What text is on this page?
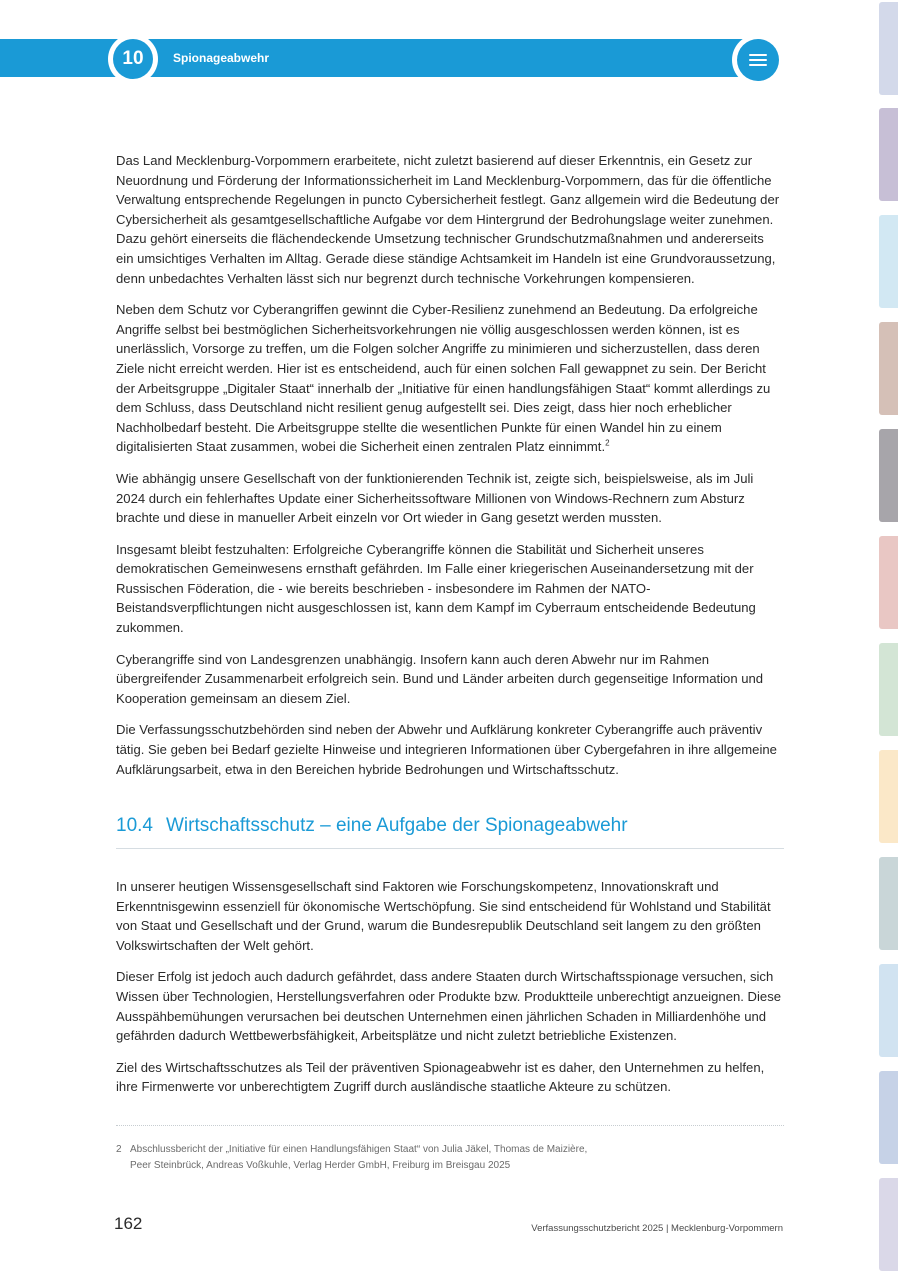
10	Spionageabwehr

Das Land Mecklenburg-Vorpommern erarbeitete, nicht zuletzt basierend auf dieser Erkenntnis, ein Gesetz zur Neuordnung und Förderung der Informationssicherheit im Land Mecklenburg-Vorpommern, das für die öffentliche Verwaltung entsprechende Regelungen in puncto Cybersicherheit festlegt. Ganz allgemein wird die Bedeutung der Cybersicherheit als gesamtgesellschaftliche Aufgabe vor dem Hintergrund der Bedrohungslage weiter zunehmen. Dazu gehört einerseits die flächendeckende Umsetzung technischer Grundschutzmaßnahmen und andererseits ein umsichtiges Verhalten im Alltag. Gerade diese ständige Achtsamkeit im Handeln ist eine Grundvoraussetzung, denn unbedachtes Verhalten lässt sich nur begrenzt durch technische Vorkehrungen kompensieren.

Neben dem Schutz vor Cyberangriffen gewinnt die Cyber-Resilienz zunehmend an Bedeutung. Da erfolgreiche Angriffe selbst bei bestmöglichen Sicherheitsvorkehrungen nie völlig ausgeschlossen werden können, ist es unerlässlich, Vorsorge zu treffen, um die Folgen solcher Angriffe zu minimieren und sicherzustellen, dass deren Ziele nicht erreicht werden. Hier ist es entscheidend, auch für einen solchen Fall gewappnet zu sein. Der Bericht der Arbeitsgruppe „Digitaler Staat“ innerhalb der „Initiative für einen handlungsfähigen Staat“ kommt allerdings zu dem Schluss, dass Deutschland nicht resilient genug aufgestellt sei. Dies zeigt, dass hier noch erheblicher Nachholbedarf besteht. Die Arbeitsgruppe stellte die wesentlichen Punkte für einen Wandel hin zu einem digitalisierten Staat zusammen, wobei die Sicherheit einen zentralen Platz einnimmt.$^2$

Wie abhängig unsere Gesellschaft von der funktionierenden Technik ist, zeigte sich, beispielsweise, als im Juli 2024 durch ein fehlerhaftes Update einer Sicherheitssoftware Millionen von Windows-Rechnern zum Absturz brachte und diese in manueller Arbeit einzeln vor Ort wieder in Gang gesetzt werden mussten.

Insgesamt bleibt festzuhalten: Erfolgreiche Cyberangriffe können die Stabilität und Sicherheit unseres demokratischen Gemeinwesens ernsthaft gefährden. Im Falle einer kriegerischen Auseinandersetzung mit der Russischen Föderation, die - wie bereits beschrieben - insbesondere im Rahmen der NATO-Beistandsverpflichtungen nicht ausgeschlossen ist, kann dem Kampf im Cyberraum entscheidende Bedeutung zukommen.

Cyberangriffe sind von Landesgrenzen unabhängig. Insofern kann auch deren Abwehr nur im Rahmen übergreifender Zusammenarbeit erfolgreich sein. Bund und Länder arbeiten durch gegenseitige Information und Kooperation gemeinsam an diesem Ziel.

Die Verfassungsschutzbehörden sind neben der Abwehr und Aufklärung konkreter Cyberangriffe auch präventiv tätig. Sie geben bei Bedarf gezielte Hinweise und integrieren Informationen über Cybergefahren in ihre allgemeine Aufklärungsarbeit, etwa in den Bereichen hybride Bedrohungen und Wirtschaftsschutz.

10.4 Wirtschaftsschutz – eine Aufgabe der Spionageabwehr

In unserer heutigen Wissensgesellschaft sind Faktoren wie Forschungskompetenz, Innovationskraft und Erkenntnisgewinn essenziell für ökonomische Wertschöpfung. Sie sind entscheidend für Wohlstand und Stabilität von Staat und Gesellschaft und der Grund, warum die Bundesrepublik Deutschland seit langem zu den größten Volkswirtschaften der Welt gehört.

Dieser Erfolg ist jedoch auch dadurch gefährdet, dass andere Staaten durch Wirtschaftsspionage versuchen, sich Wissen über Technologien, Herstellungsverfahren oder Produkte bzw. Produktteile unberechtigt anzueignen. Diese Ausspähbemühungen verursachen bei deutschen Unternehmen einen jährlichen Schaden in Milliardenhöhe und gefährden dadurch Wettbewerbsfähigkeit, Arbeitsplätze und nicht zuletzt betriebliche Existenzen.

Ziel des Wirtschaftsschutzes als Teil der präventiven Spionageabwehr ist es daher, den Unternehmen zu helfen, ihre Firmenwerte vor unberechtigtem Zugriff durch ausländische staatliche Akteure zu schützen.

2 Abschlussbericht der „Initiative für einen Handlungsfähigen Staat“ von Julia Jäkel, Thomas de Maizière,
Peer Steinbrück, Andreas Voßkuhle, Verlag Herder GmbH, Freiburg im Breisgau 2025
162	Verfassungsschutzbericht 2025 | Mecklenburg-Vorpommern
